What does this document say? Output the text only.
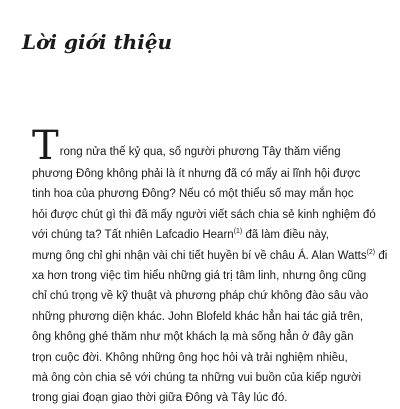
Lời giới thiệu
Trong nửa thế kỷ qua, số người phương Tây thăm viếng
phương Đông không phải là ít nhưng đã có mấy ai lĩnh hội được
tinh hoa của phương Đông? Nếu có một thiểu số may mắn học
hỏi được chút gì thì đã mấy người viết sách chia sẻ kinh nghiệm đó
với chúng ta? Tất nhiên Lafcadio Hearn$^{(1)}$ đã làm điều này,
mưng ông chỉ ghi nhận vài chi tiết huyền bí về châu Á. Alan Watts$^{(2)}$ đi
xa hơn trong việc tìm hiểu những giá trị tâm linh, nhưng ông cũng
chỉ chú trọng về kỹ thuật và phương pháp chứ không đào sâu vào
những phương diện khác. John Blofeld khác hẳn hai tác giả trên,
ông không ghé thăm như một khách lạ mà sống hẳn ở đây gần
trọn cuộc đời. Không những ông học hỏi và trải nghiệm nhiều,
mà ông còn chia sẻ với chúng ta những vui buồn của kiếp người
trong giai đoạn giao thời giữa Đông và Tây lúc đó.
